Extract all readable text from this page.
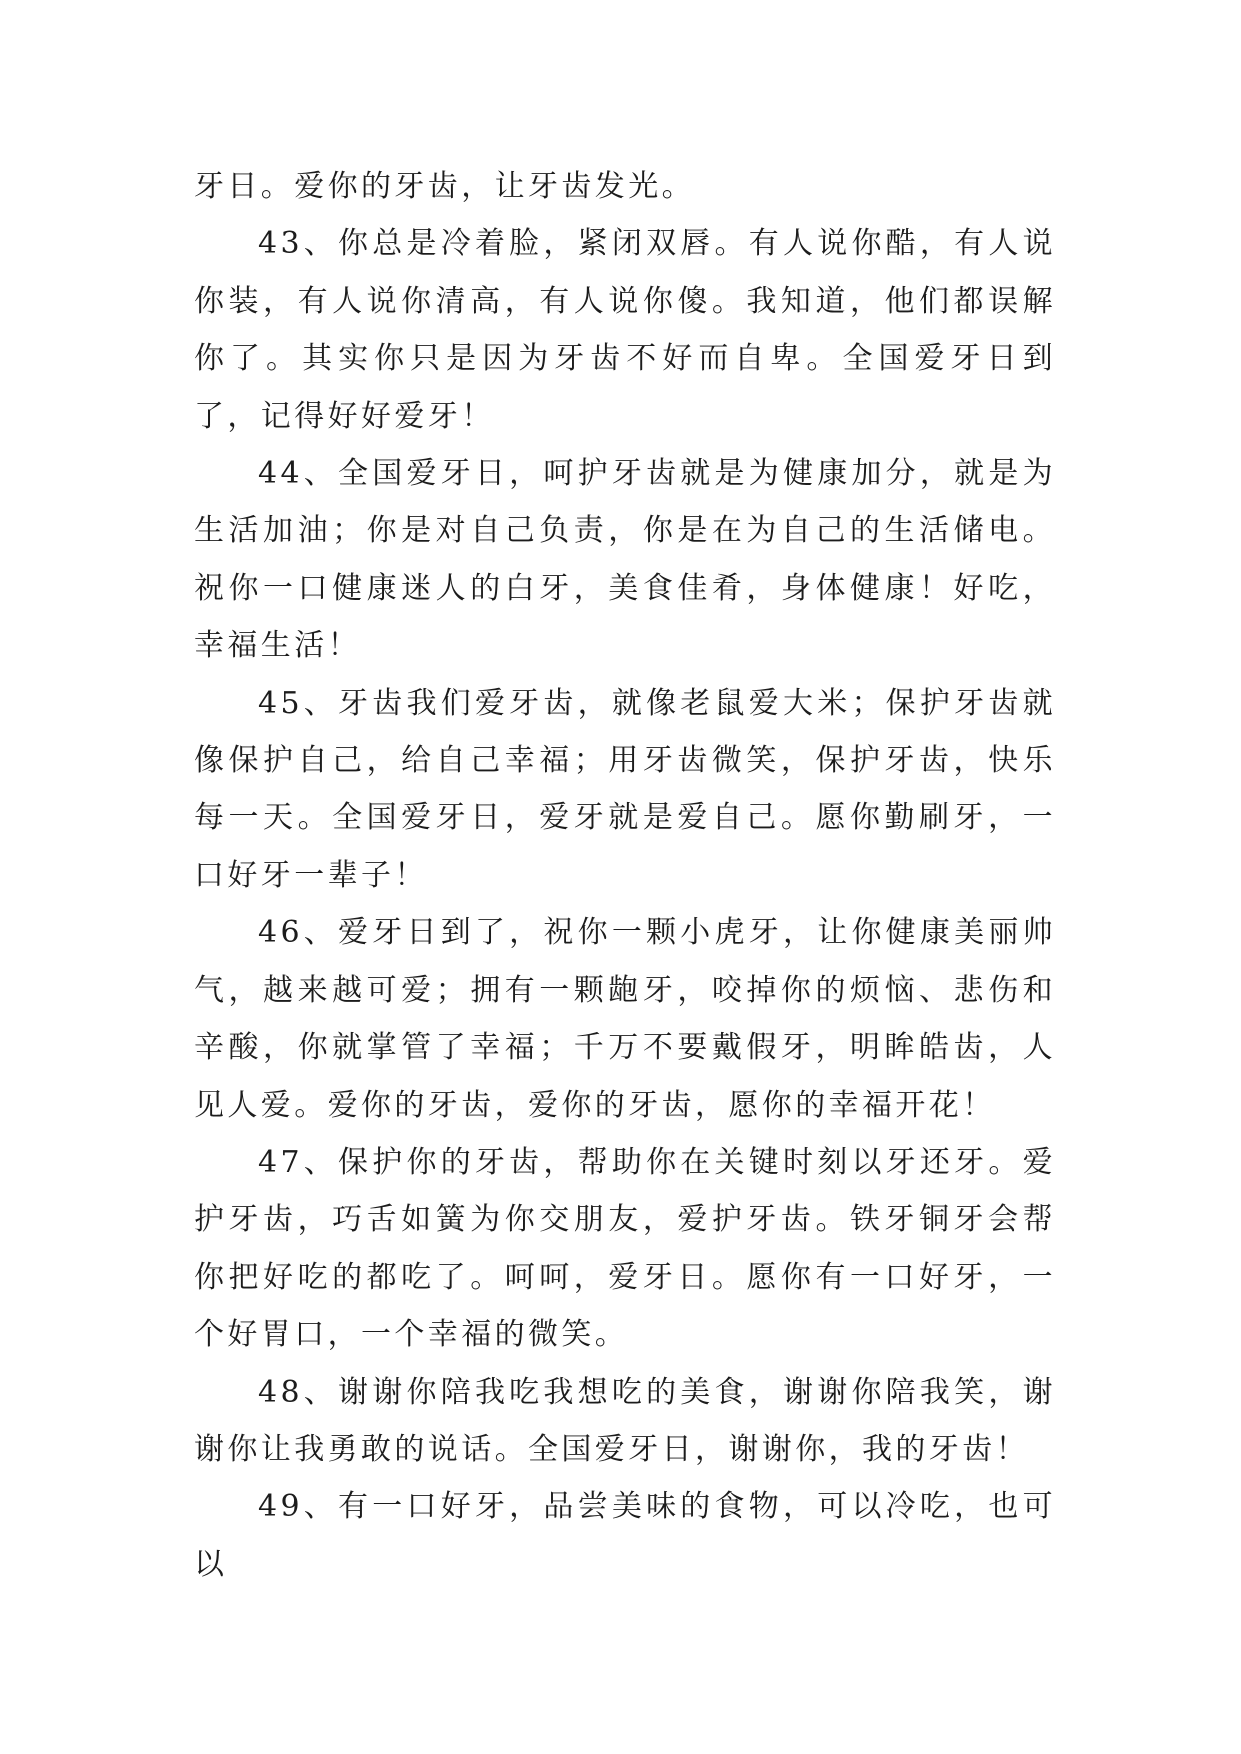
牙日。爱你的牙齿，让牙齿发光。

43、你总是冷着脸，紧闭双唇。有人说你酷，有人说你装，有人说你清高，有人说你傻。我知道，他们都误解你了。其实你只是因为牙齿不好而自卑。全国爱牙日到了，记得好好爱牙！

44、全国爱牙日，呵护牙齿就是为健康加分，就是为生活加油；你是对自己负责，你是在为自己的生活储电。祝你一口健康迷人的白牙，美食佳肴，身体健康！好吃，幸福生活！

45、牙齿我们爱牙齿，就像老鼠爱大米；保护牙齿就像保护自己，给自己幸福；用牙齿微笑，保护牙齿，快乐每一天。全国爱牙日，爱牙就是爱自己。愿你勤刷牙，一口好牙一辈子！

46、爱牙日到了，祝你一颗小虎牙，让你健康美丽帅气，越来越可爱；拥有一颗龅牙，咬掉你的烦恼、悲伤和辛酸，你就掌管了幸福；千万不要戴假牙，明眸皓齿，人见人爱。爱你的牙齿，爱你的牙齿，愿你的幸福开花！

47、保护你的牙齿，帮助你在关键时刻以牙还牙。爱护牙齿，巧舌如簧为你交朋友，爱护牙齿。铁牙铜牙会帮你把好吃的都吃了。呵呵，爱牙日。愿你有一口好牙，一个好胃口，一个幸福的微笑。

48、谢谢你陪我吃我想吃的美食，谢谢你陪我笑，谢谢你让我勇敢的说话。全国爱牙日，谢谢你，我的牙齿！

49、有一口好牙，品尝美味的食物，可以冷吃，也可以
